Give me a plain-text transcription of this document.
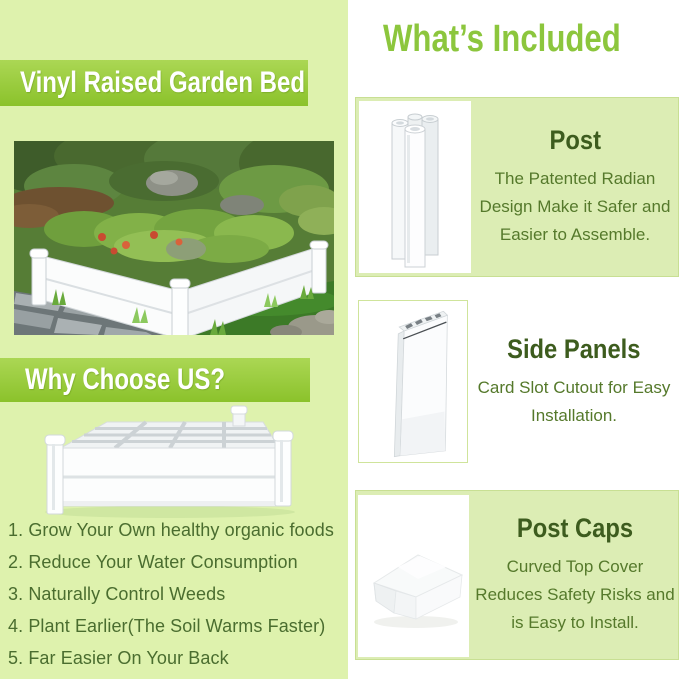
Vinyl Raised Garden Bed
Why Choose US?
1. Grow Your Own healthy organic foods
2. Reduce Your Water Consumption
3. Naturally Control Weeds
4. Plant Earlier(The Soil Warms Faster)
5. Far Easier On Your Back
What’s Included
Post

The Patented Radian Design Make it Safer and Easier to Assemble.

Side Panels

Card Slot Cutout for Easy Installation.

Post Caps

Curved Top Cover Reduces Safety Risks and is Easy to Install.
